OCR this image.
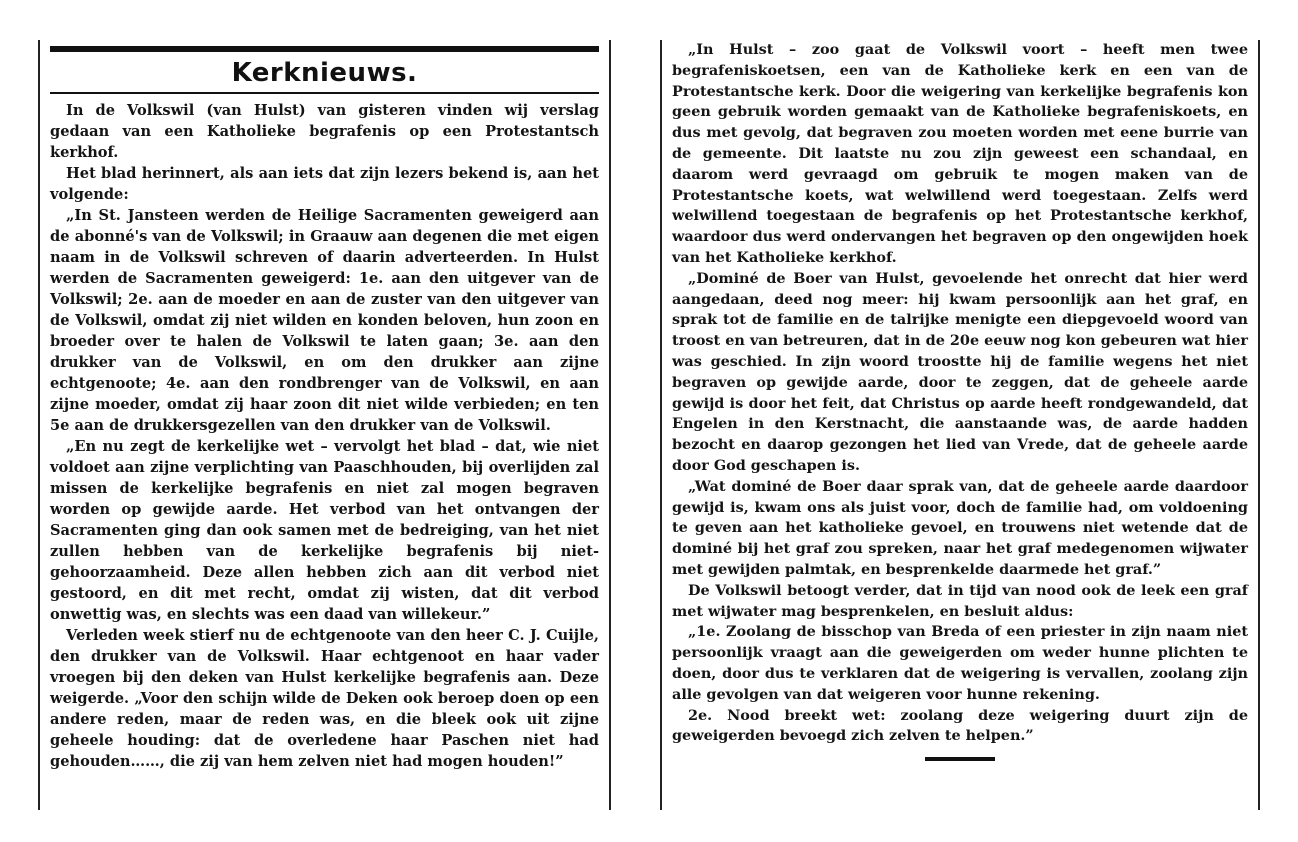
Kerknieuws.

In de Volkswil (van Hulst) van gisteren vinden wij verslag gedaan van een Katholieke begrafenis op een Protestantsch kerkhof.

Het blad herinnert, als aan iets dat zijn lezers bekend is, aan het volgende:

„In St. Jansteen werden de Heilige Sacramenten geweigerd aan de abonné's van de Volkswil; in Graauw aan degenen die met eigen naam in de Volkswil schreven of daarin adverteerden. In Hulst werden de Sacramenten geweigerd: 1e. aan den uitgever van de Volkswil; 2e. aan de moeder en aan de zuster van den uitgever van de Volkswil, omdat zij niet wilden en konden beloven, hun zoon en broeder over te halen de Volkswil te laten gaan; 3e. aan den drukker van de Volkswil, en om den drukker aan zijne echtgenoote; 4e. aan den rondbrenger van de Volkswil, en aan zijne moeder, omdat zij haar zoon dit niet wilde verbieden; en ten 5e aan de drukkersgezellen van den drukker van de Volkswil.

„En nu zegt de kerkelijke wet – vervolgt het blad – dat, wie niet voldoet aan zijne verplichting van Paaschhouden, bij overlijden zal missen de kerkelijke begrafenis en niet zal mogen begraven worden op gewijde aarde. Het verbod van het ontvangen der Sacramenten ging dan ook samen met de bedreiging, van het niet zullen hebben van de kerkelijke begrafenis bij niet-gehoorzaamheid. Deze allen hebben zich aan dit verbod niet gestoord, en dit met recht, omdat zij wisten, dat dit verbod onwettig was, en slechts was een daad van willekeur.”

Verleden week stierf nu de echtgenoote van den heer C. J. Cuijle, den drukker van de Volkswil. Haar echtgenoot en haar vader vroegen bij den deken van Hulst kerkelijke begrafenis aan. Deze weigerde. „Voor den schijn wilde de Deken ook beroep doen op een andere reden, maar de reden was, en die bleek ook uit zijne geheele houding: dat de overledene haar Paschen niet had gehouden……, die zij van hem zelven niet had mogen houden!”

„In Hulst – zoo gaat de Volkswil voort – heeft men twee begrafeniskoetsen, een van de Katholieke kerk en een van de Protestantsche kerk. Door die weigering van kerkelijke begrafenis kon geen gebruik worden gemaakt van de Katholieke begrafeniskoets, en dus met gevolg, dat begraven zou moeten worden met eene burrie van de gemeente. Dit laatste nu zou zijn geweest een schandaal, en daarom werd gevraagd om gebruik te mogen maken van de Protestantsche koets, wat welwillend werd toegestaan. Zelfs werd welwillend toegestaan de begrafenis op het Protestantsche kerkhof, waardoor dus werd ondervangen het begraven op den ongewijden hoek van het Katholieke kerkhof.

„Dominé de Boer van Hulst, gevoelende het onrecht dat hier werd aangedaan, deed nog meer: hij kwam persoonlijk aan het graf, en sprak tot de familie en de talrijke menigte een diepgevoeld woord van troost en van betreuren, dat in de 20e eeuw nog kon gebeuren wat hier was geschied. In zijn woord troostte hij de familie wegens het niet begraven op gewijde aarde, door te zeggen, dat de geheele aarde gewijd is door het feit, dat Christus op aarde heeft rondgewandeld, dat Engelen in den Kerstnacht, die aanstaande was, de aarde hadden bezocht en daarop gezongen het lied van Vrede, dat de geheele aarde door God geschapen is.

„Wat dominé de Boer daar sprak van, dat de geheele aarde daardoor gewijd is, kwam ons als juist voor, doch de familie had, om voldoening te geven aan het katholieke gevoel, en trouwens niet wetende dat de dominé bij het graf zou spreken, naar het graf medegenomen wijwater met gewijden palmtak, en besprenkelde daarmede het graf.”

De Volkswil betoogt verder, dat in tijd van nood ook de leek een graf met wijwater mag besprenkelen, en besluit aldus:

„1e. Zoolang de bisschop van Breda of een priester in zijn naam niet persoonlijk vraagt aan die geweigerden om weder hunne plichten te doen, door dus te verklaren dat de weigering is vervallen, zoolang zijn alle gevolgen van dat weigeren voor hunne rekening.

2e. Nood breekt wet: zoolang deze weigering duurt zijn de geweigerden bevoegd zich zelven te helpen.”
